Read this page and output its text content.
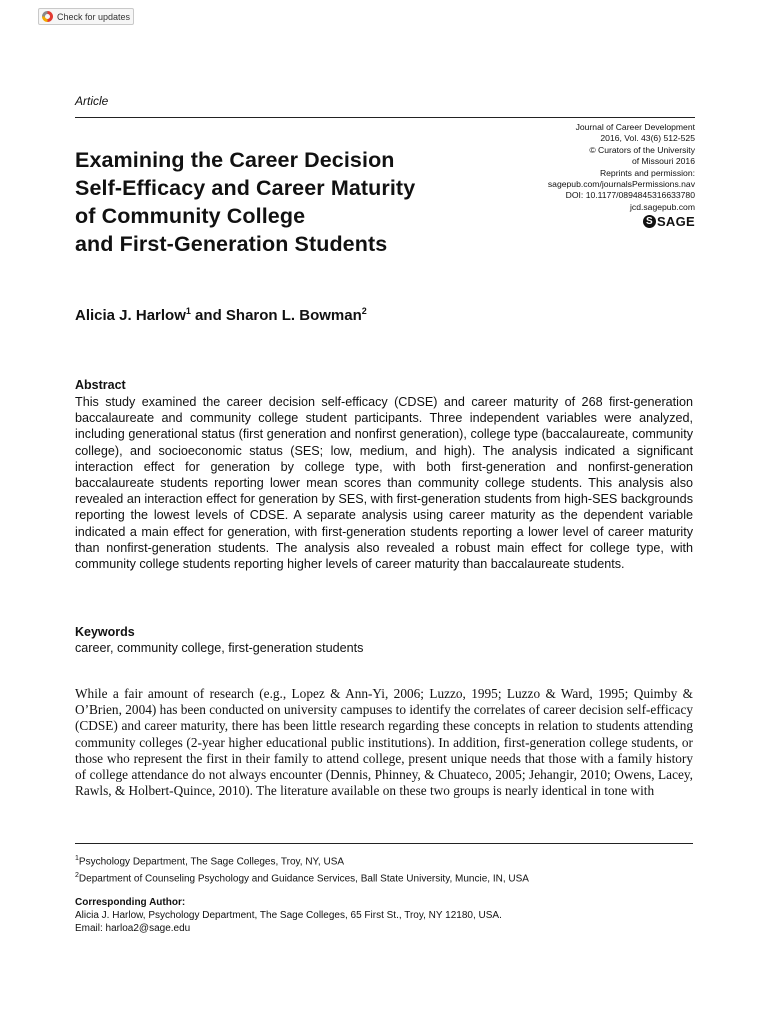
Check for updates
Article
Examining the Career Decision
Self-Efficacy and Career Maturity
of Community College
and First-Generation Students
Journal of Career Development
2016, Vol. 43(6) 512-525
© Curators of the University
of Missouri 2016
Reprints and permission:
sagepub.com/journalsPermissions.nav
DOI: 10.1177/0894845316633780
jcd.sagepub.com
S SAGE
Alicia J. Harlow$^1$ and Sharon L. Bowman$^2$
Abstract

This study examined the career decision self-efficacy (CDSE) and career maturity of 268 first-generation baccalaureate and community college student participants. Three independent variables were analyzed, including generational status (first generation and nonfirst generation), college type (baccalaureate, community college), and socioeconomic status (SES; low, medium, and high). The analysis indicated a significant interaction effect for generation by college type, with both first-generation and nonfirst-generation baccalaureate students reporting lower mean scores than community college students. This analysis also revealed an interaction effect for generation by SES, with first-generation students from high-SES backgrounds reporting the lowest levels of CDSE. A separate analysis using career maturity as the dependent variable indicated a main effect for generation, with first-generation students reporting a lower level of career maturity than nonfirst-generation students. The analysis also revealed a robust main effect for college type, with community college students reporting higher levels of career maturity than baccalaureate students.

Keywords
career, community college, first-generation students

While a fair amount of research (e.g., Lopez & Ann-Yi, 2006; Luzzo, 1995; Luzzo & Ward, 1995; Quimby & O’Brien, 2004) has been conducted on university campuses to identify the correlates of career decision self-efficacy (CDSE) and career maturity, there has been little research regarding these concepts in relation to students attending community colleges (2-year higher educational public institutions). In addition, first-generation college students, or those who represent the first in their family to attend college, present unique needs that those with a family history of college attendance do not always encounter (Dennis, Phinney, & Chuateco, 2005; Jehangir, 2010; Owens, Lacey, Rawls, & Holbert-Quince, 2010). The literature available on these two groups is nearly identical in tone with

$^1$Psychology Department, The Sage Colleges, Troy, NY, USA
$^2$Department of Counseling Psychology and Guidance Services, Ball State University, Muncie, IN, USA
Corresponding Author:
Alicia J. Harlow, Psychology Department, The Sage Colleges, 65 First St., Troy, NY 12180, USA.
Email: harloa2@sage.edu
